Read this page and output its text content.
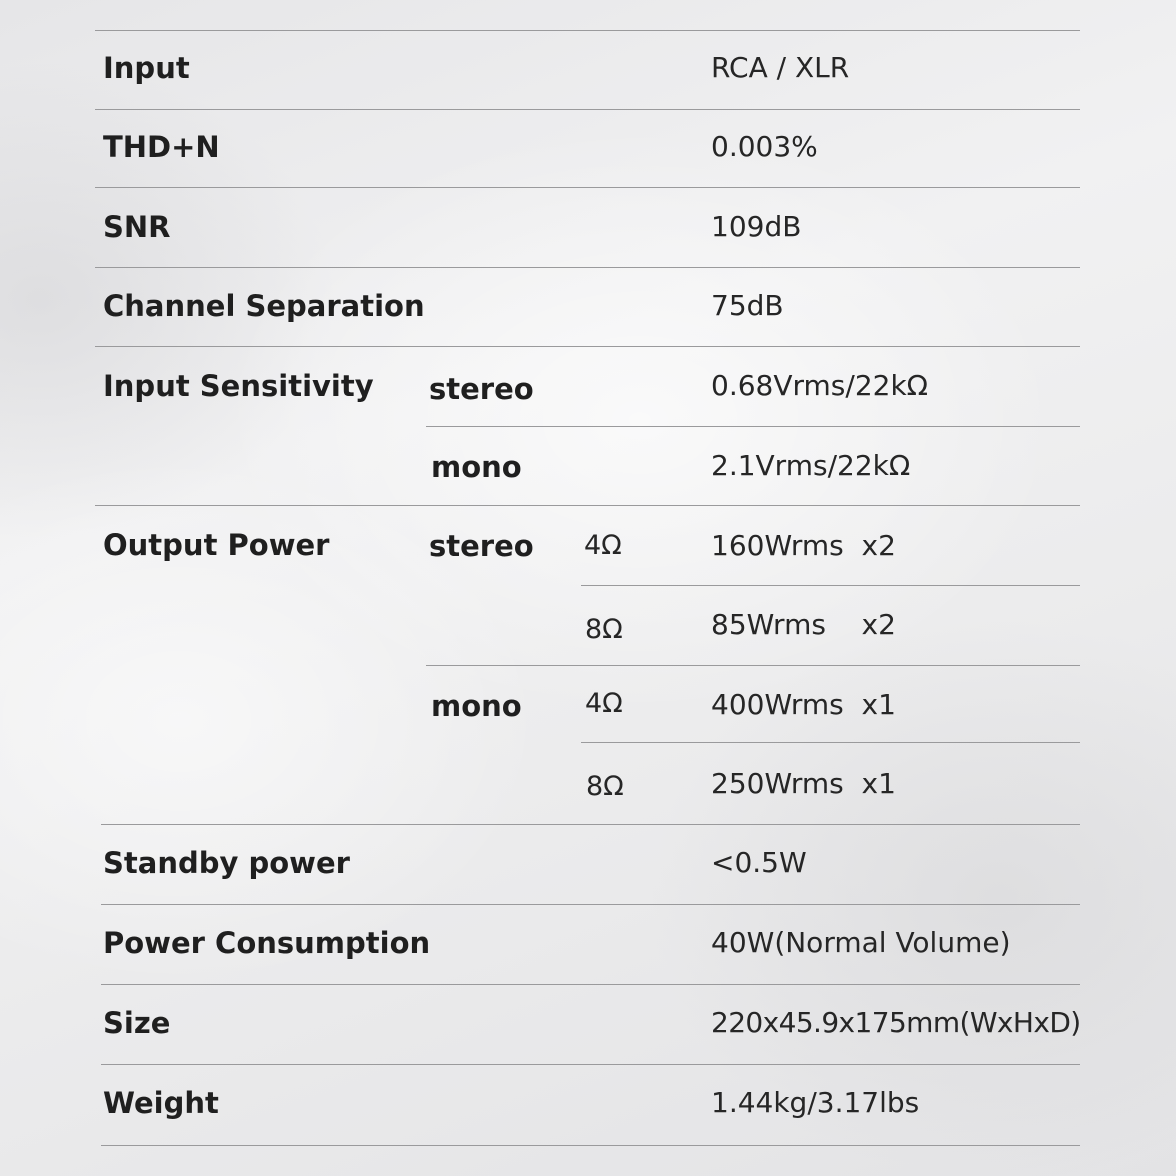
Input	RCA / XLR
THD+N	0.003%
SNR	109dB
Channel Separation	75dB
Input Sensitivity stereo	0.68Vrms/22kΩ
mono	2.1Vrms/22kΩ
Output Power	stereo 4Ω	160Wrms  x2
8Ω	85Wrms    x2
mono 4Ω	400Wrms  x1
8Ω	250Wrms  x1
Standby power	<0.5W
Power Consumption	40W(Normal Volume)
Size	220x45.9x175mm(WxHxD)
Weight	1.44kg/3.17lbs
